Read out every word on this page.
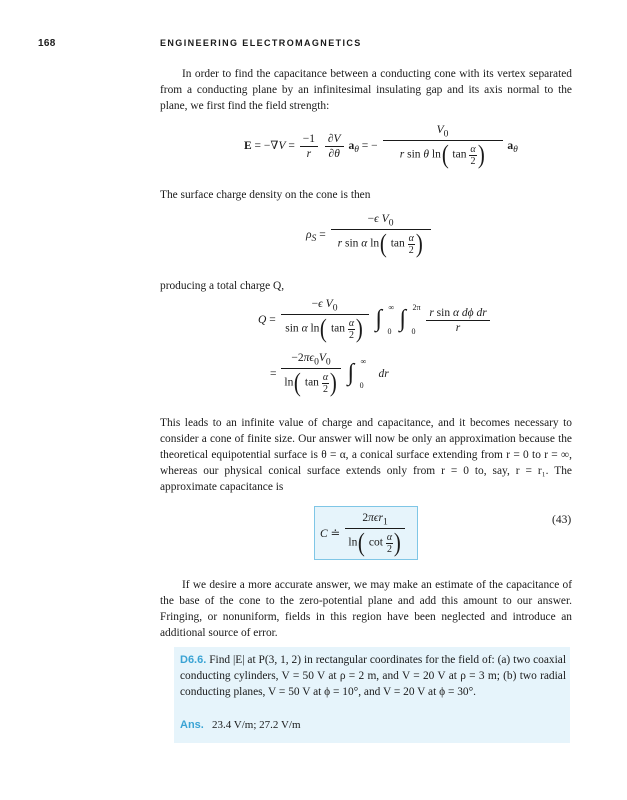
168	ENGINEERING ELECTROMAGNETICS

In order to find the capacitance between a conducting cone with its vertex separated from a conducting plane by an infinitesimal insulating gap and its axis normal to the plane, we first find the field strength:

$E = -\nabla V = \frac{-1}{r}$
$\frac{\partial V}{\partial\theta} a_\theta$ = − $\frac{V_0}{r \sin \theta \ln( \tan \frac{\alpha}{2} )} a_\theta$

The surface charge density on the cone is then

$\rho_S = \frac{-\epsilon V_0}{r \sin \alpha \ln( \tan \frac{\alpha}{2} )}$

producing a total charge Q,

$Q = \frac{-\epsilon V_0}{\sin \alpha \ln( \tan \frac{\alpha}{2} )}$
∫ ∞
0 ∫ 2π
0
$\frac{\text{r sin α dϕ dr}}{r}$
= $\frac{-2\pi\epsilon_0V_0}{\ln( \tan \frac{\alpha}{2} )}$
∫ ∞
0
dr

This leads to an infinite value of charge and capacitance, and it becomes necessary to consider a cone of finite size. Our answer will now be only an approximation because the theoretical equipotential surface is θ = α, a conical surface extending from r = 0 to r = ∞, whereas our physical conical surface extends only from r = 0 to, say, r = r₁. The approximate capacitance is

C ≐ $\frac{2\pi\epsilon r_1}{\ln( \cot \frac{\alpha}{2} )}$	(43)

If we desire a more accurate answer, we may make an estimate of the capacitance of the base of the cone to the zero-potential plane and add this amount to our answer. Fringing, or nonuniform, fields in this region have been neglected and introduce an additional source of error.

D6.6. Find |E| at P(3, 1, 2) in rectangular coordinates for the field of: (a) two coaxial conducting cylinders, V = 50 V at ρ = 2 m, and V = 20 V at ρ = 3 m; (b) two radial conducting planes, V = 50 V at ϕ = 10°, and V = 20 V at ϕ = 30°.
Ans. 23.4 V/m; 27.2 V/m
